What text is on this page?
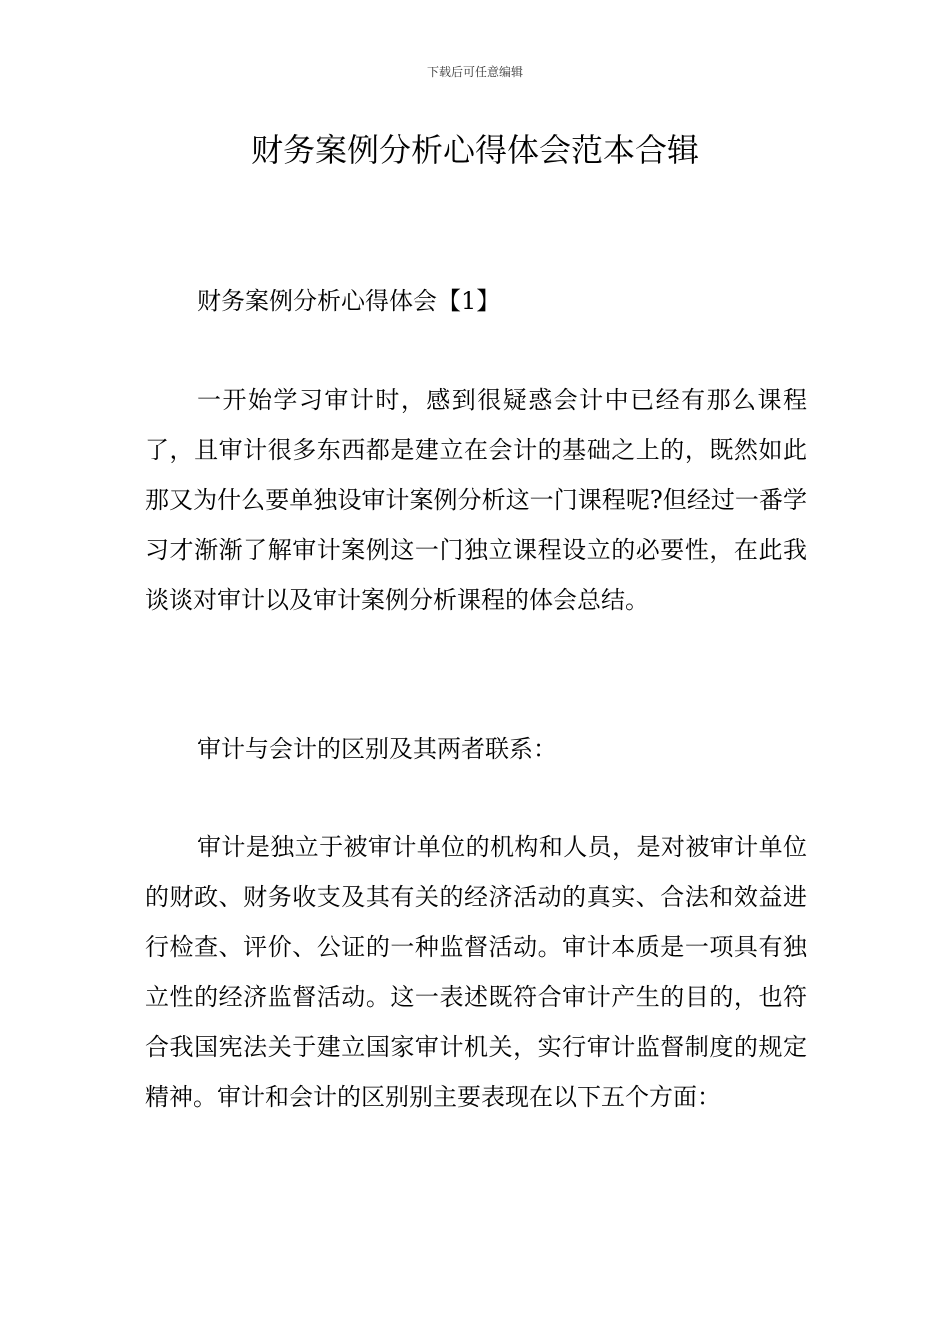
下载后可任意编辑
财务案例分析心得体会范本合辑

财务案例分析心得体会【1】

一开始学习审计时，感到很疑惑会计中已经有那么课程了，且审计很多东西都是建立在会计的基础之上的，既然如此那又为什么要单独设审计案例分析这一门课程呢?但经过一番学习才渐渐了解审计案例这一门独立课程设立的必要性，在此我谈谈对审计以及审计案例分析课程的体会总结。

审计与会计的区别及其两者联系：

审计是独立于被审计单位的机构和人员，是对被审计单位的财政、财务收支及其有关的经济活动的真实、合法和效益进行检查、评价、公证的一种监督活动。审计本质是一项具有独立性的经济监督活动。这一表述既符合审计产生的目的，也符合我国宪法关于建立国家审计机关，实行审计监督制度的规定精神。审计和会计的区别别主要表现在以下五个方面：
